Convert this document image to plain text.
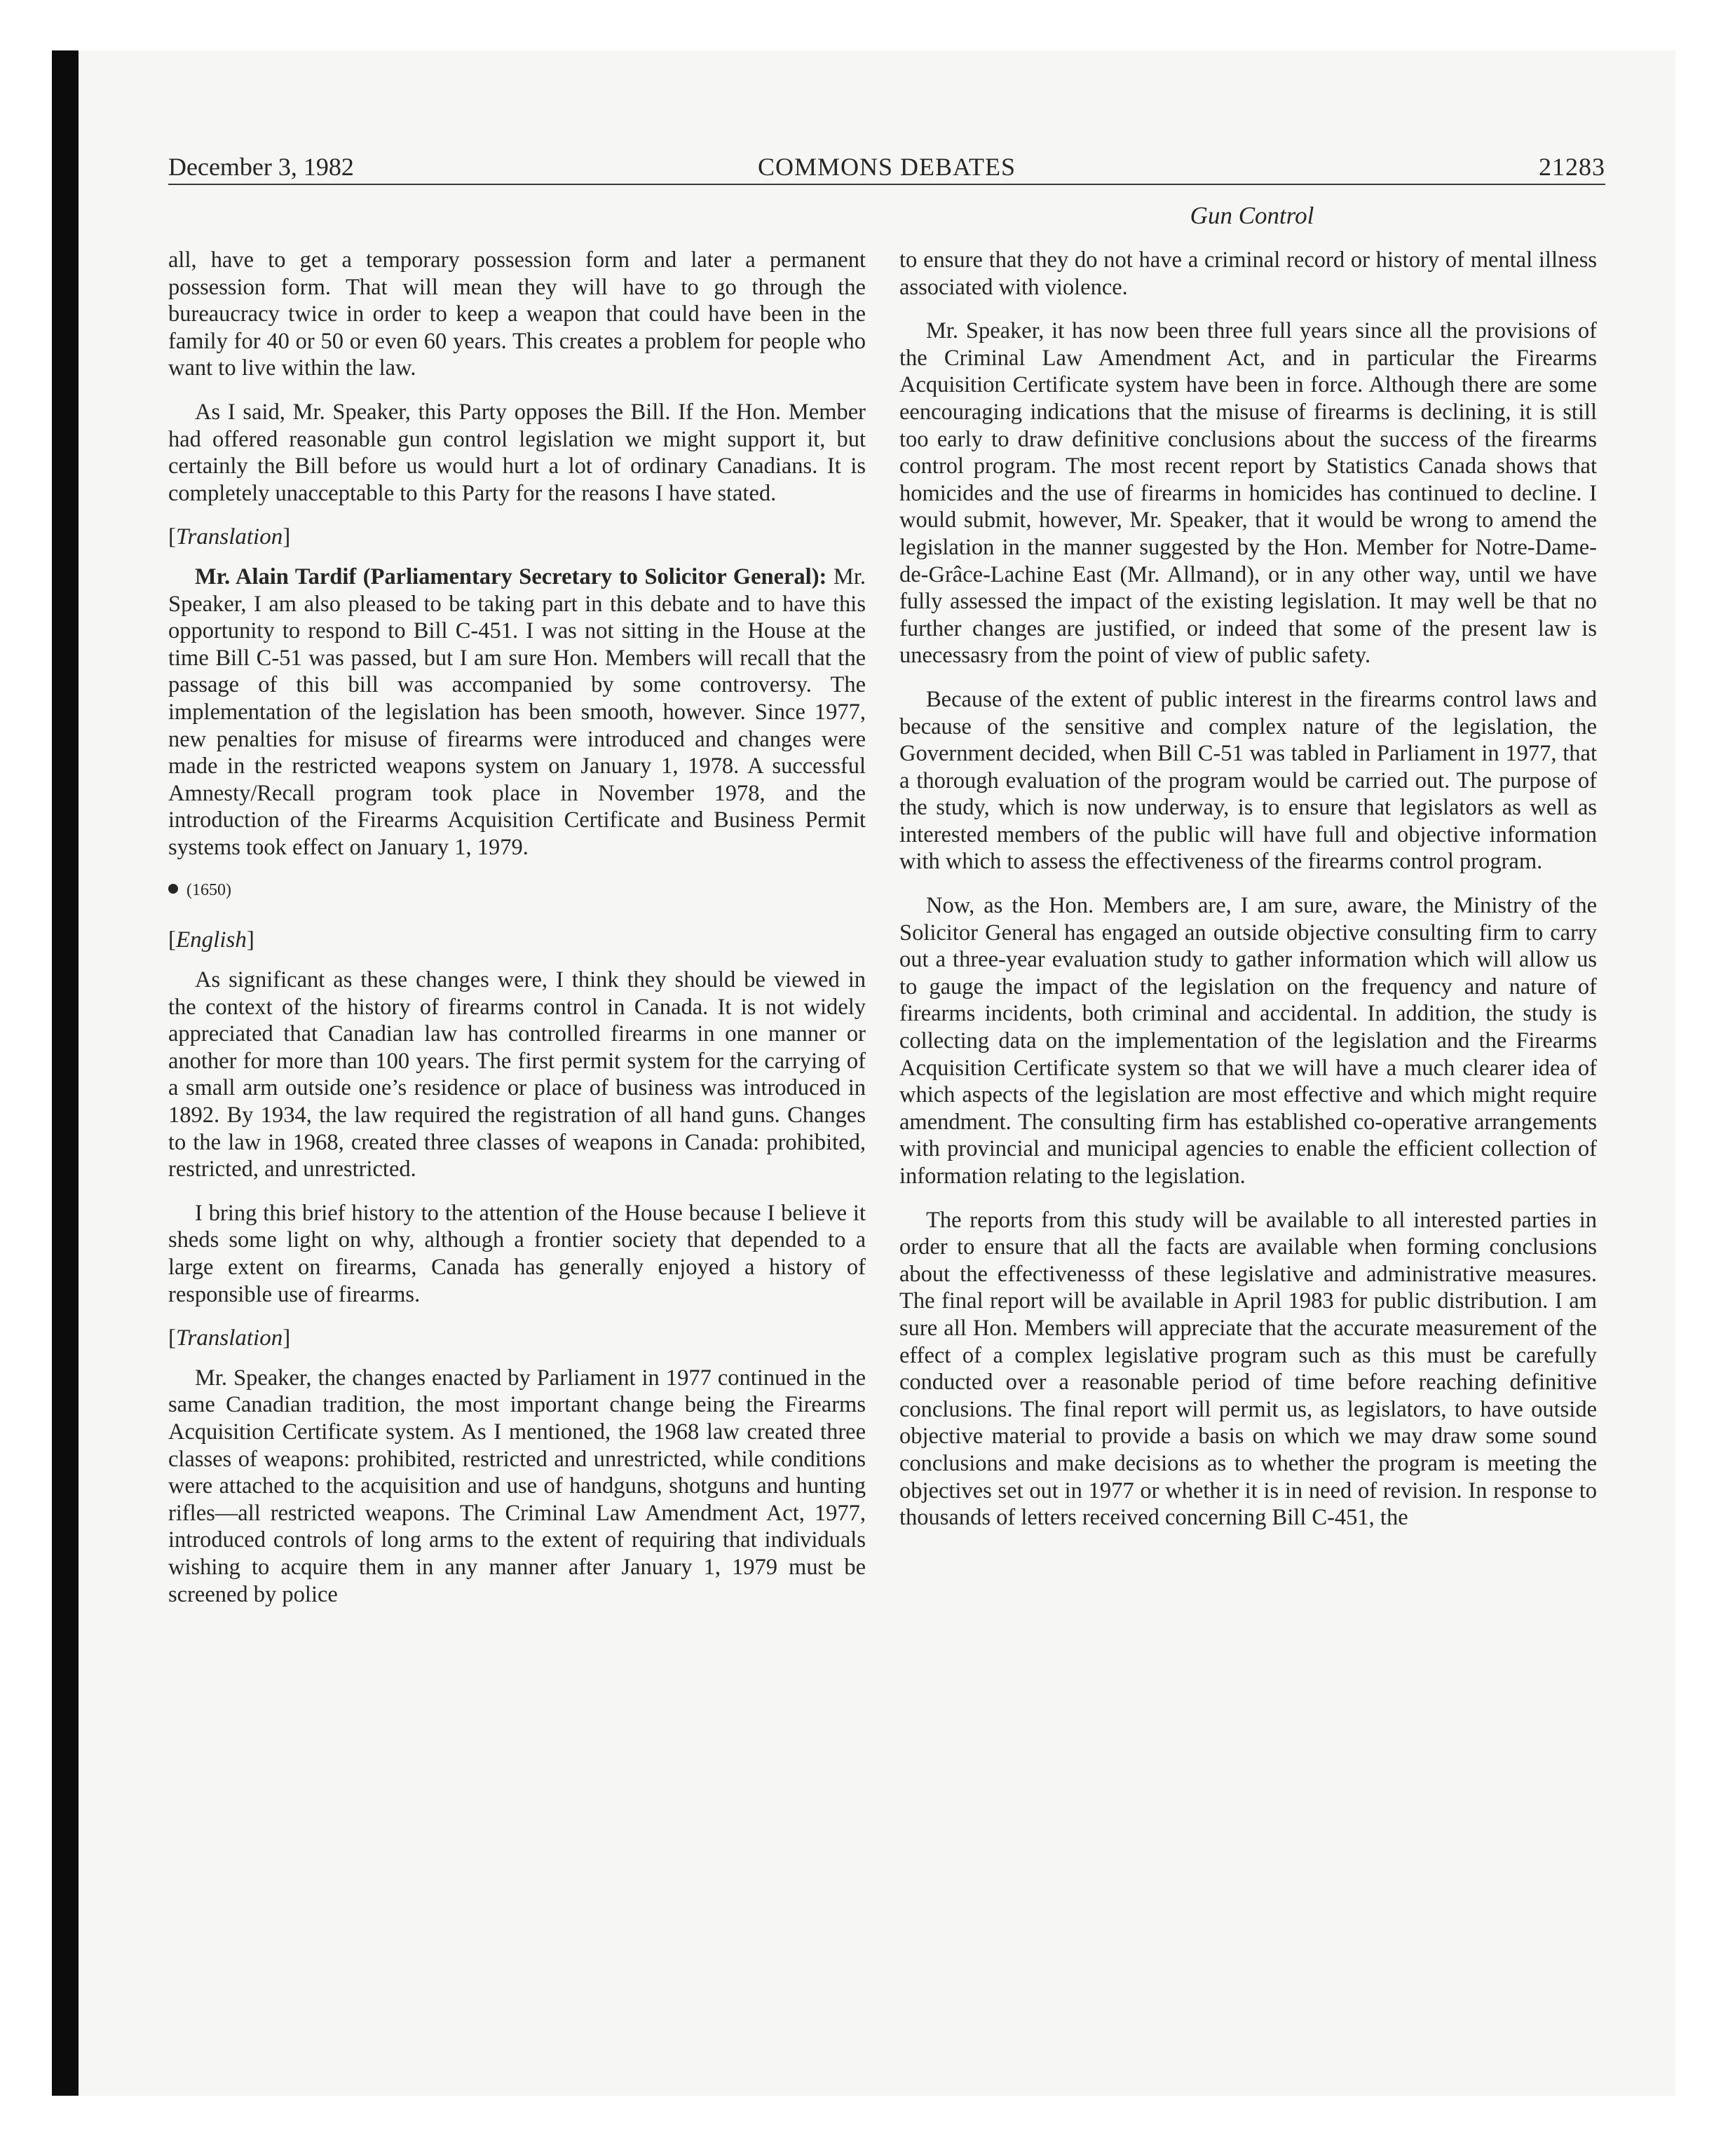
December 3, 1982	COMMONS DEBATES	21283
Gun Control

all, have to get a temporary possession form and later a permanent possession form. That will mean they will have to go through the bureaucracy twice in order to keep a weapon that could have been in the family for 40 or 50 or even 60 years. This creates a problem for people who want to live within the law.

As I said, Mr. Speaker, this Party opposes the Bill. If the Hon. Member had offered reasonable gun control legislation we might support it, but certainly the Bill before us would hurt a lot of ordinary Canadians. It is completely unacceptable to this Party for the reasons I have stated.

[Translation]

Mr. Alain Tardif (Parliamentary Secretary to Solicitor General): Mr. Speaker, I am also pleased to be taking part in this debate and to have this opportunity to respond to Bill C-451. I was not sitting in the House at the time Bill C-51 was passed, but I am sure Hon. Members will recall that the passage of this bill was accompanied by some controversy. The implementation of the legislation has been smooth, however. Since 1977, new penalties for misuse of firearms were introduced and changes were made in the restricted weapons system on January 1, 1978. A successful Amnesty/Recall program took place in November 1978, and the introduction of the Firearms Acquisition Certificate and Business Permit systems took effect on January 1, 1979.

(1650)
[English]

As significant as these changes were, I think they should be viewed in the context of the history of firearms control in Canada. It is not widely appreciated that Canadian law has controlled firearms in one manner or another for more than 100 years. The first permit system for the carrying of a small arm outside one’s residence or place of business was introduced in 1892. By 1934, the law required the registration of all hand guns. Changes to the law in 1968, created three classes of weapons in Canada: prohibited, restricted, and unrestricted.

I bring this brief history to the attention of the House because I believe it sheds some light on why, although a frontier society that depended to a large extent on firearms, Canada has generally enjoyed a history of responsible use of firearms.

[Translation]

Mr. Speaker, the changes enacted by Parliament in 1977 continued in the same Canadian tradition, the most important change being the Firearms Acquisition Certificate system. As I mentioned, the 1968 law created three classes of weapons: prohibited, restricted and unrestricted, while conditions were attached to the acquisition and use of handguns, shotguns and hunting rifles—all restricted weapons. The Criminal Law Amendment Act, 1977, introduced controls of long arms to the extent of requiring that individuals wishing to acquire them in any manner after January 1, 1979 must be screened by police

to ensure that they do not have a criminal record or history of mental illness associated with violence.

Mr. Speaker, it has now been three full years since all the provisions of the Criminal Law Amendment Act, and in particular the Firearms Acquisition Certificate system have been in force. Although there are some eencouraging indications that the misuse of firearms is declining, it is still too early to draw definitive conclusions about the success of the firearms control program. The most recent report by Statistics Canada shows that homicides and the use of firearms in homicides has continued to decline. I would submit, however, Mr. Speaker, that it would be wrong to amend the legislation in the manner suggested by the Hon. Member for Notre-Dame-de-Grâce-Lachine East (Mr. Allmand), or in any other way, until we have fully assessed the impact of the existing legislation. It may well be that no further changes are justified, or indeed that some of the present law is unecessasry from the point of view of public safety.

Because of the extent of public interest in the firearms control laws and because of the sensitive and complex nature of the legislation, the Government decided, when Bill C-51 was tabled in Parliament in 1977, that a thorough evaluation of the program would be carried out. The purpose of the study, which is now underway, is to ensure that legislators as well as interested members of the public will have full and objective information with which to assess the effectiveness of the firearms control program.

Now, as the Hon. Members are, I am sure, aware, the Ministry of the Solicitor General has engaged an outside objective consulting firm to carry out a three-year evaluation study to gather information which will allow us to gauge the impact of the legislation on the frequency and nature of firearms incidents, both criminal and accidental. In addition, the study is collecting data on the implementation of the legislation and the Firearms Acquisition Certificate system so that we will have a much clearer idea of which aspects of the legislation are most effective and which might require amendment. The consulting firm has established co-operative arrangements with provincial and municipal agencies to enable the efficient collection of information relating to the legislation.

The reports from this study will be available to all interested parties in order to ensure that all the facts are available when forming conclusions about the effectivenesss of these legislative and administrative measures. The final report will be available in April 1983 for public distribution. I am sure all Hon. Members will appreciate that the accurate measurement of the effect of a complex legislative program such as this must be carefully conducted over a reasonable period of time before reaching definitive conclusions. The final report will permit us, as legislators, to have outside objective material to provide a basis on which we may draw some sound conclusions and make decisions as to whether the program is meeting the objectives set out in 1977 or whether it is in need of revision. In response to thousands of letters received concerning Bill C-451, the
